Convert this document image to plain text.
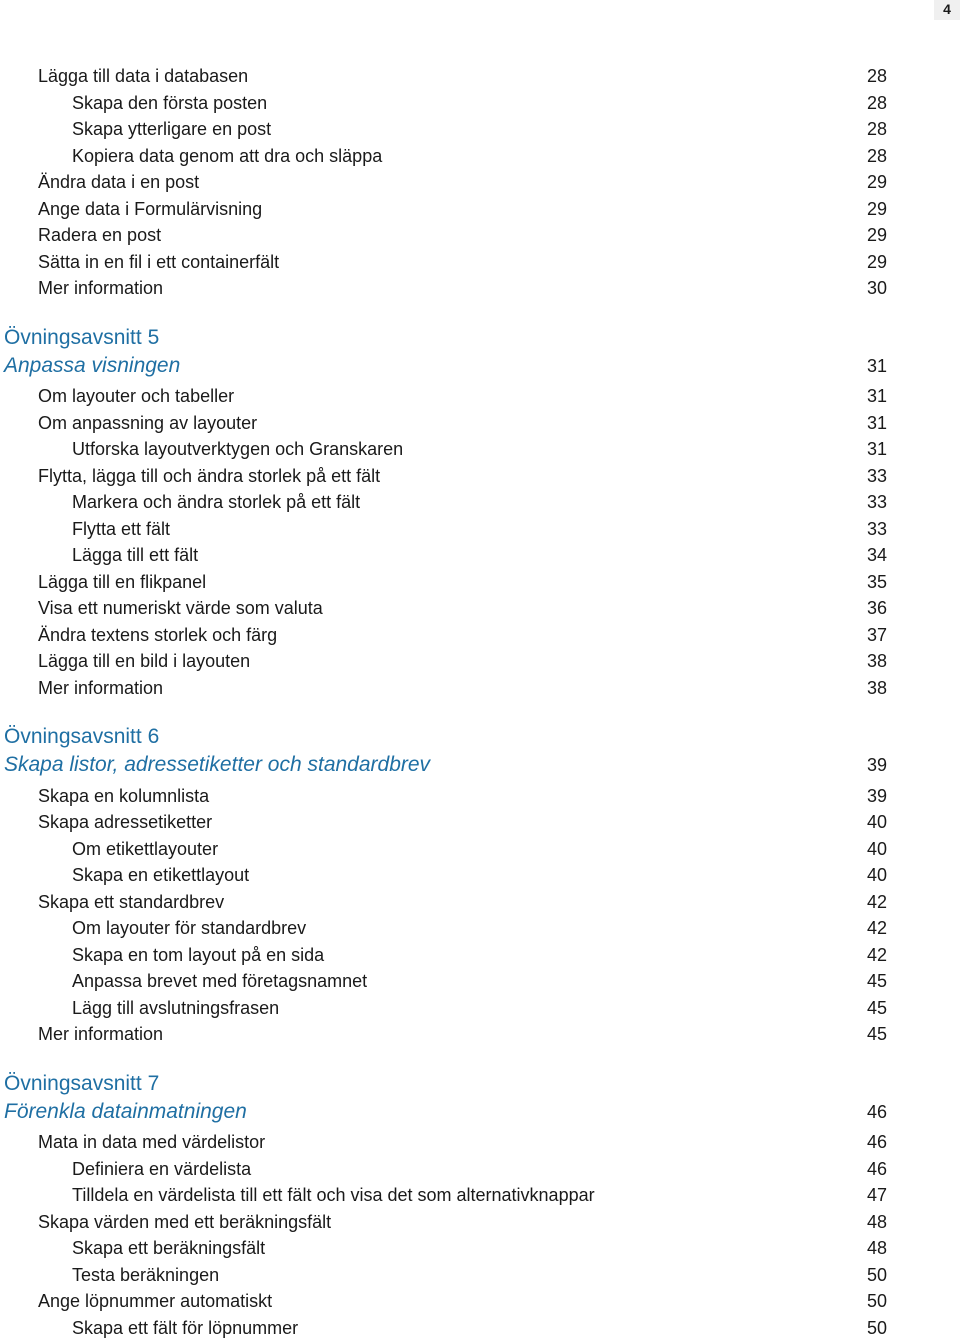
4
Lägga till data i databasen	28
Skapa den första posten	28
Skapa ytterligare en post	28
Kopiera data genom att dra och släppa	28
Ändra data i en post	29
Ange data i Formulärvisning	29
Radera en post	29
Sätta in en fil i ett containerfält	29
Mer information	30
Övningsavsnitt 5
Anpassa visningen	31
Om layouter och tabeller	31
Om anpassning av layouter	31
Utforska layoutverktygen och Granskaren	31
Flytta, lägga till och ändra storlek på ett fält	33
Markera och ändra storlek på ett fält	33
Flytta ett fält	33
Lägga till ett fält	34
Lägga till en flikpanel	35
Visa ett numeriskt värde som valuta	36
Ändra textens storlek och färg	37
Lägga till en bild i layouten	38
Mer information	38
Övningsavsnitt 6
Skapa listor, adressetiketter och standardbrev	39
Skapa en kolumnlista	39
Skapa adressetiketter	40
Om etikettlayouter	40
Skapa en etikettlayout	40
Skapa ett standardbrev	42
Om layouter för standardbrev	42
Skapa en tom layout på en sida	42
Anpassa brevet med företagsnamnet	45
Lägg till avslutningsfrasen	45
Mer information	45
Övningsavsnitt 7
Förenkla datainmatningen	46
Mata in data med värdelistor	46
Definiera en värdelista	46
Tilldela en värdelista till ett fält och visa det som alternativknappar	47
Skapa värden med ett beräkningsfält	48
Skapa ett beräkningsfält	48
Testa beräkningen	50
Ange löpnummer automatiskt	50
Skapa ett fält för löpnummer	50
